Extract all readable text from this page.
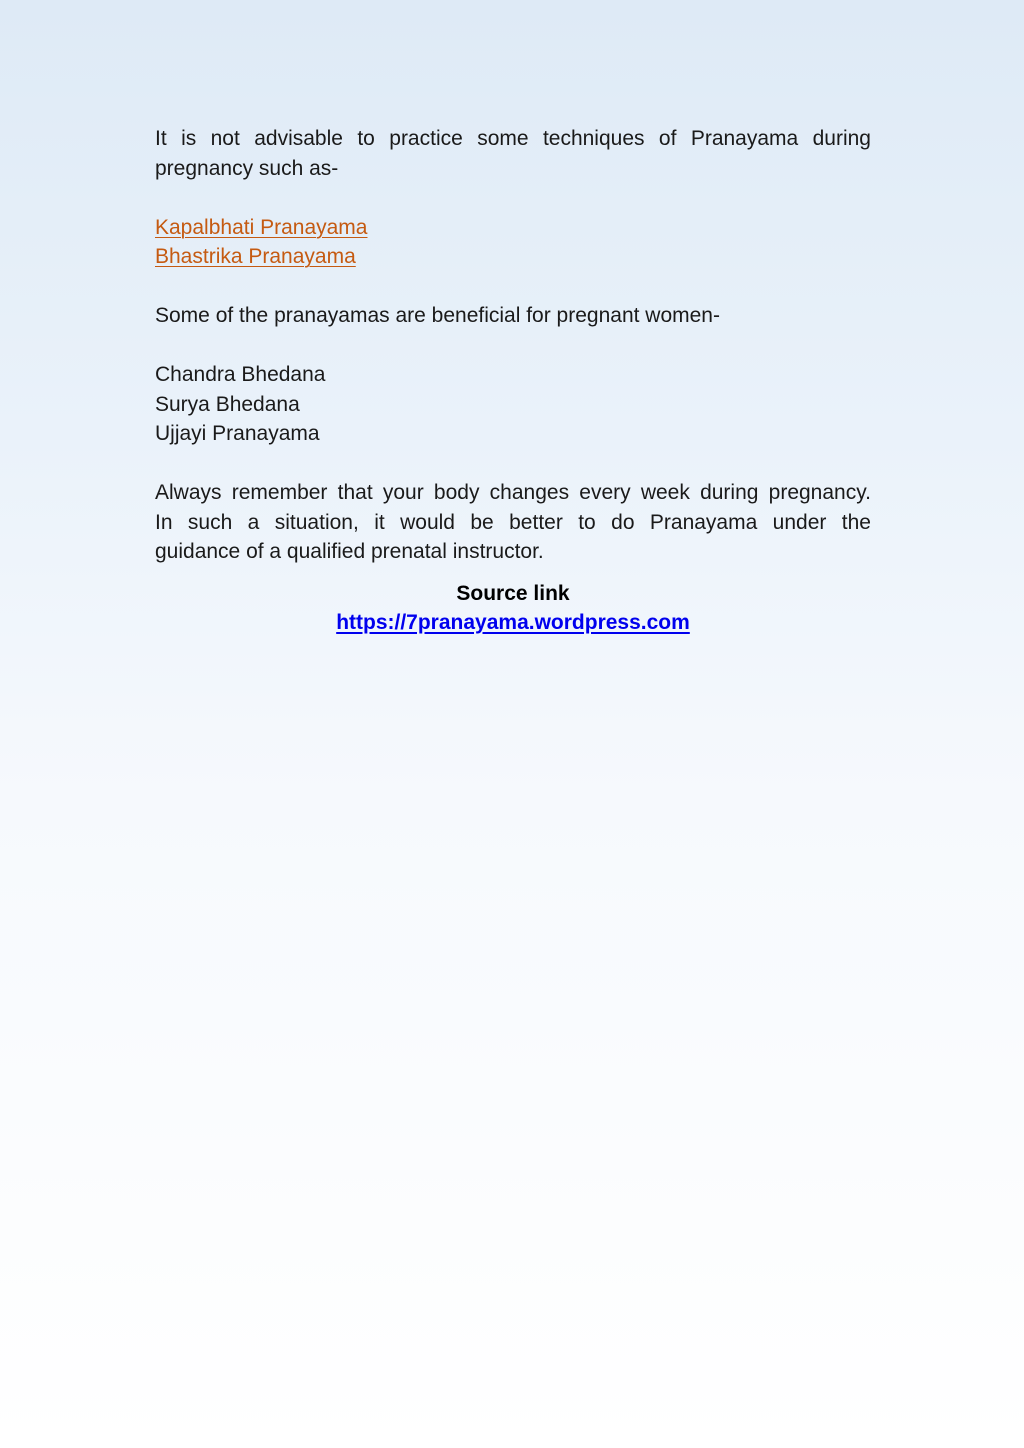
It is not advisable to practice some techniques of Pranayama during
pregnancy such as-

Kapalbhati Pranayama
Bhastrika Pranayama

Some of the pranayamas are beneficial for pregnant women-

Chandra Bhedana
Surya Bhedana
Ujjayi Pranayama

Always remember that your body changes every week during pregnancy.
In such a situation, it would be better to do Pranayama under the
guidance of a qualified prenatal instructor.

Source link
https://7pranayama.wordpress.com
